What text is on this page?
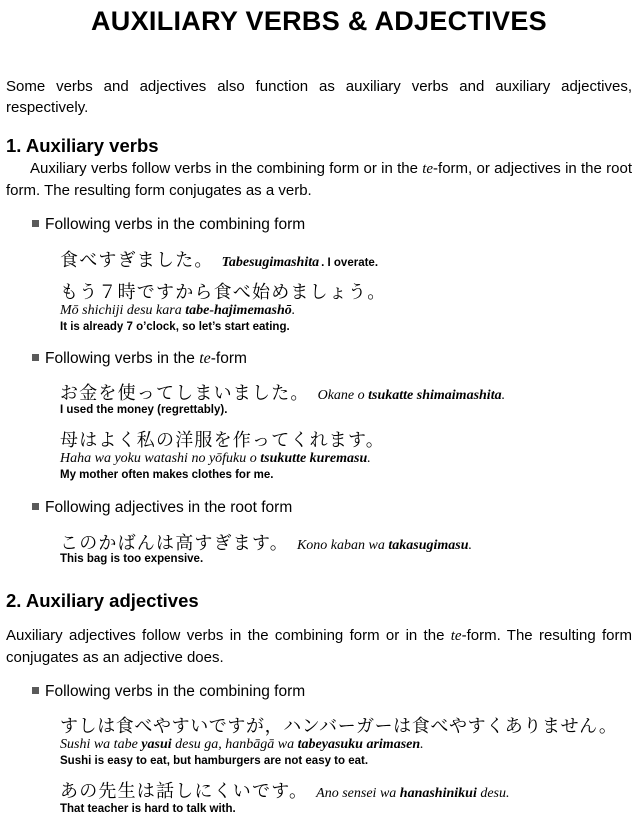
AUXILIARY VERBS & ADJECTIVES
Some verbs and adjectives also function as auxiliary verbs and auxiliary adjectives, respectively.
1. Auxiliary verbs
Auxiliary verbs follow verbs in the combining form or in the te-form, or adjectives in the root form. The resulting form conjugates as a verb.
Following verbs in the combining form
食べすぎました。 Tabesugimashita . I overate.
もう７時ですから食べ始めましょう。
Mō shichiji desu kara tabe-hajimemashō.
It is already 7 o’clock, so let’s start eating.
Following verbs in the te-form
お金を使ってしまいました。 Okane o tsukatte shimaimashita.
I used the money (regrettably).
母はよく私の洋服を作ってくれます。
Haha wa yoku watashi no yōfuku o tsukutte kuremasu.
My mother often makes clothes for me.
Following adjectives in the root form
このかばんは高すぎます。 Kono kaban wa takasugimasu.
This bag is too expensive.
2. Auxiliary adjectives
Auxiliary adjectives follow verbs in the combining form or in the te-form. The resulting form conjugates as an adjective does.
Following verbs in the combining form
すしは食べやすいですが，ハンバーガーは食べやすくありません。
Sushi wa tabe yasui desu ga, hanbāgā wa tabeyasuku arimasen.
Sushi is easy to eat, but hamburgers are not easy to eat.
あの先生は話しにくいです。 Ano sensei wa hanashinikui desu.
That teacher is hard to talk with.
